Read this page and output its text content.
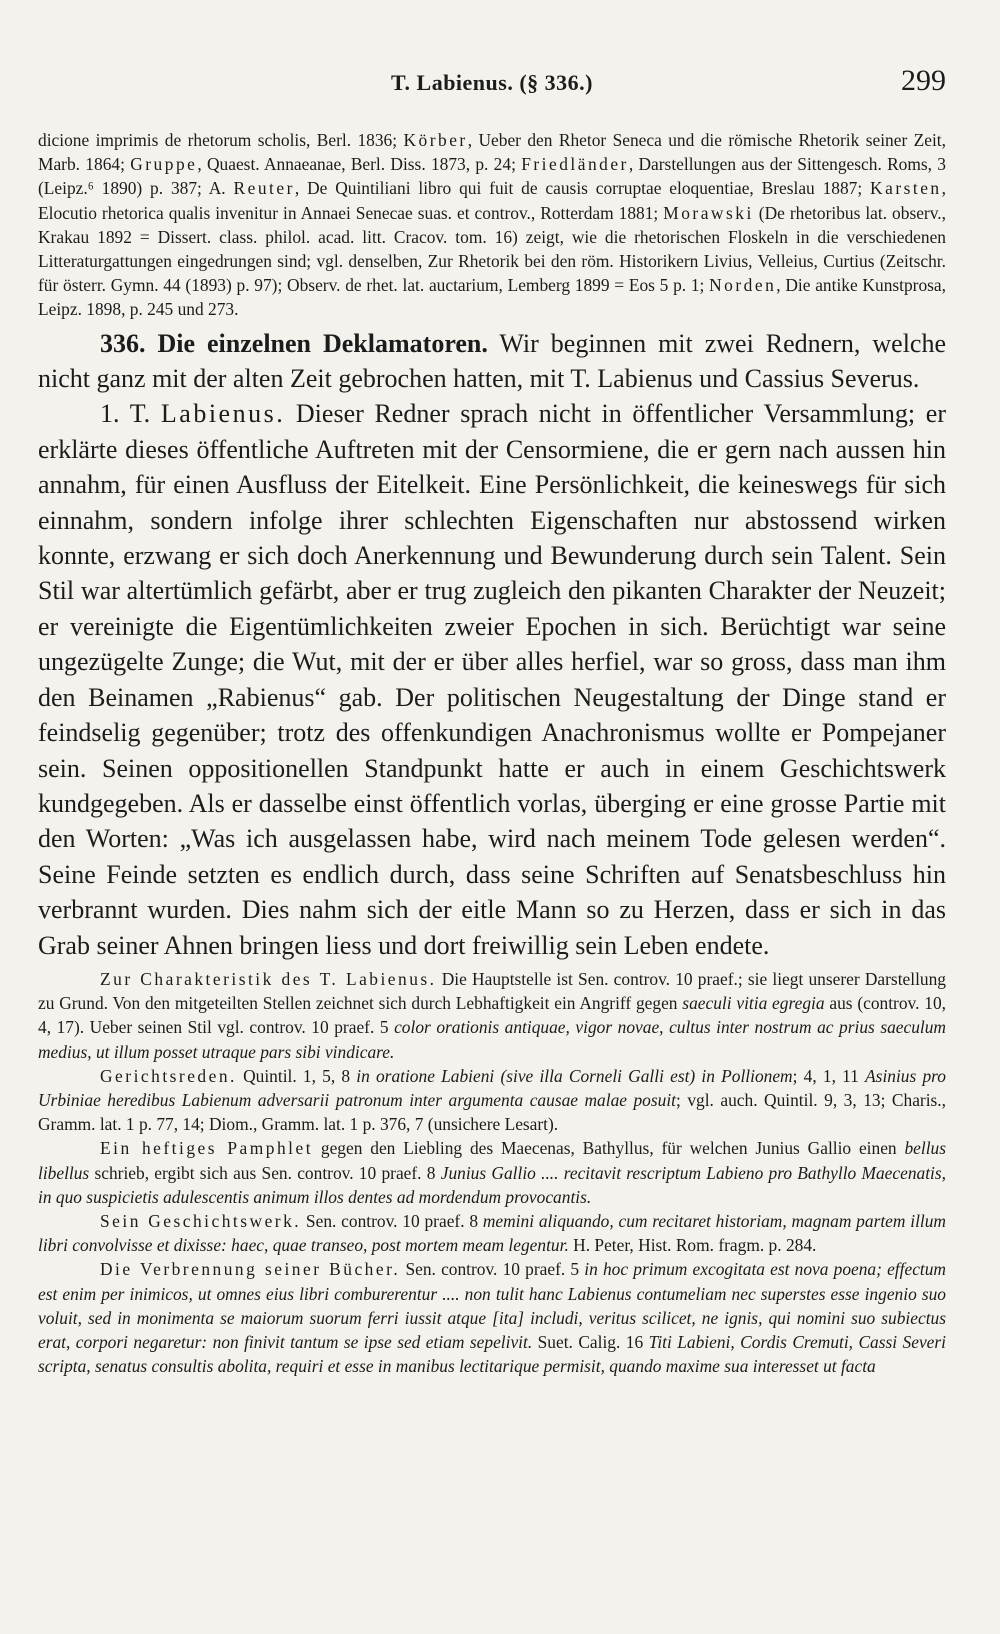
T. Labienus. (§ 336.)	299

dicione imprimis de rhetorum scholis, Berl. 1836; Körber, Ueber den Rhetor Seneca und die römische Rhetorik seiner Zeit, Marb. 1864; Gruppe, Quaest. Annaeanae, Berl. Diss. 1873, p. 24; Friedländer, Darstellungen aus der Sittengesch. Roms, 3 (Leipz.⁶ 1890) p. 387; A. Reuter, De Quintiliani libro qui fuit de causis corruptae eloquentiae, Breslau 1887; Karsten, Elocutio rhetorica qualis invenitur in Annaei Senecae suas. et controv., Rotterdam 1881; Morawski (De rhetoribus lat. observ., Krakau 1892 = Dissert. class. philol. acad. litt. Cracov. tom. 16) zeigt, wie die rhetorischen Floskeln in die verschiedenen Litteraturgattungen eingedrungen sind; vgl. denselben, Zur Rhetorik bei den röm. Historikern Livius, Velleius, Curtius (Zeitschr. für österr. Gymn. 44 (1893) p. 97); Observ. de rhet. lat. auctarium, Lemberg 1899 = Eos 5 p. 1; Norden, Die antike Kunstprosa, Leipz. 1898, p. 245 und 273.

336. Die einzelnen Deklamatoren. Wir beginnen mit zwei Rednern, welche nicht ganz mit der alten Zeit gebrochen hatten, mit T. Labienus und Cassius Severus.

1. T. Labienus. Dieser Redner sprach nicht in öffentlicher Versammlung; er erklärte dieses öffentliche Auftreten mit der Censormiene, die er gern nach aussen hin annahm, für einen Ausfluss der Eitelkeit. Eine Persönlichkeit, die keineswegs für sich einnahm, sondern infolge ihrer schlechten Eigenschaften nur abstossend wirken konnte, erzwang er sich doch Anerkennung und Bewunderung durch sein Talent. Sein Stil war altertümlich gefärbt, aber er trug zugleich den pikanten Charakter der Neuzeit; er vereinigte die Eigentümlichkeiten zweier Epochen in sich. Berüchtigt war seine ungezügelte Zunge; die Wut, mit der er über alles herfiel, war so gross, dass man ihm den Beinamen „Rabienus“ gab. Der politischen Neugestaltung der Dinge stand er feindselig gegenüber; trotz des offenkundigen Anachronismus wollte er Pompejaner sein. Seinen oppositionellen Standpunkt hatte er auch in einem Geschichtswerk kundgegeben. Als er dasselbe einst öffentlich vorlas, überging er eine grosse Partie mit den Worten: „Was ich ausgelassen habe, wird nach meinem Tode gelesen werden“. Seine Feinde setzten es endlich durch, dass seine Schriften auf Senatsbeschluss hin verbrannt wurden. Dies nahm sich der eitle Mann so zu Herzen, dass er sich in das Grab seiner Ahnen bringen liess und dort freiwillig sein Leben endete.

Zur Charakteristik des T. Labienus. Die Hauptstelle ist Sen. controv. 10 praef.; sie liegt unserer Darstellung zu Grund. Von den mitgeteilten Stellen zeichnet sich durch Lebhaftigkeit ein Angriff gegen saeculi vitia egregia aus (controv. 10, 4, 17). Ueber seinen Stil vgl. controv. 10 praef. 5 color orationis antiquae, vigor novae, cultus inter nostrum ac prius saeculum medius, ut illum posset utraque pars sibi vindicare.

Gerichtsreden. Quintil. 1, 5, 8 in oratione Labieni (sive illa Corneli Galli est) in Pollionem; 4, 1, 11 Asinius pro Urbiniae heredibus Labienum adversarii patronum inter argumenta causae malae posuit; vgl. auch. Quintil. 9, 3, 13; Charis., Gramm. lat. 1 p. 77, 14; Diom., Gramm. lat. 1 p. 376, 7 (unsichere Lesart).

Ein heftiges Pamphlet gegen den Liebling des Maecenas, Bathyllus, für welchen Junius Gallio einen bellus libellus schrieb, ergibt sich aus Sen. controv. 10 praef. 8 Junius Gallio .... recitavit rescriptum Labieno pro Bathyllo Maecenatis, in quo suspicietis adulescentis animum illos dentes ad mordendum provocantis.

Sein Geschichtswerk. Sen. controv. 10 praef. 8 memini aliquando, cum recitaret historiam, magnam partem illum libri convolvisse et dixisse: haec, quae transeo, post mortem meam legentur. H. Peter, Hist. Rom. fragm. p. 284.

Die Verbrennung seiner Bücher. Sen. controv. 10 praef. 5 in hoc primum excogitata est nova poena; effectum est enim per inimicos, ut omnes eius libri comburerentur .... non tulit hanc Labienus contumeliam nec superstes esse ingenio suo voluit, sed in monimenta se maiorum suorum ferri iussit atque [ita] includi, veritus scilicet, ne ignis, qui nomini suo subiectus erat, corpori negaretur: non finivit tantum se ipse sed etiam sepelivit. Suet. Calig. 16 Titi Labieni, Cordis Cremuti, Cassi Severi scripta, senatus consultis abolita, requiri et esse in manibus lectitarique permisit, quando maxime sua interesset ut facta
